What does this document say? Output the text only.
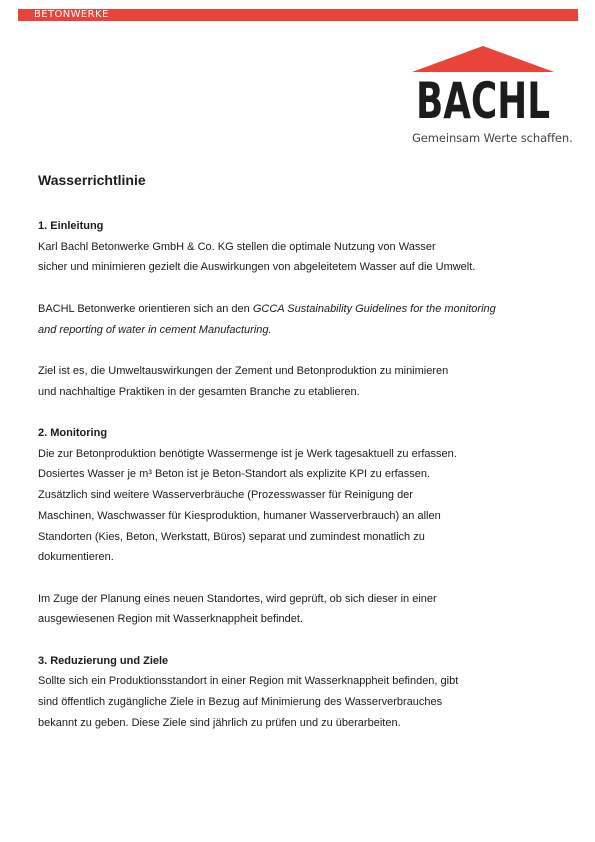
BETONWERKE
BACHL
Gemeinsam Werte schaffen.
Wasserrichtlinie
1. Einleitung

Karl Bachl Betonwerke GmbH & Co. KG stellen die optimale Nutzung von Wasser
sicher und minimieren gezielt die Auswirkungen von abgeleitetem Wasser auf die Umwelt.

BACHL Betonwerke orientieren sich an den GCCA Sustainability Guidelines for the monitoring
and reporting of water in cement Manufacturing.

Ziel ist es, die Umweltauswirkungen der Zement und Betonproduktion zu minimieren
und nachhaltige Praktiken in der gesamten Branche zu etablieren.

2. Monitoring

Die zur Betonproduktion benötigte Wassermenge ist je Werk tagesaktuell zu erfassen.
Dosiertes Wasser je m³ Beton ist je Beton-Standort als explizite KPI zu erfassen.
Zusätzlich sind weitere Wasserverbräuche (Prozesswasser für Reinigung der
Maschinen, Waschwasser für Kiesproduktion, humaner Wasserverbrauch) an allen
Standorten (Kies, Beton, Werkstatt, Büros) separat und zumindest monatlich zu
dokumentieren.

Im Zuge der Planung eines neuen Standortes, wird geprüft, ob sich dieser in einer
ausgewiesenen Region mit Wasserknappheit befindet.

3. Reduzierung und Ziele

Sollte sich ein Produktionsstandort in einer Region mit Wasserknappheit befinden, gibt
sind öffentlich zugängliche Ziele in Bezug auf Minimierung des Wasserverbrauches
bekannt zu geben. Diese Ziele sind jährlich zu prüfen und zu überarbeiten.
